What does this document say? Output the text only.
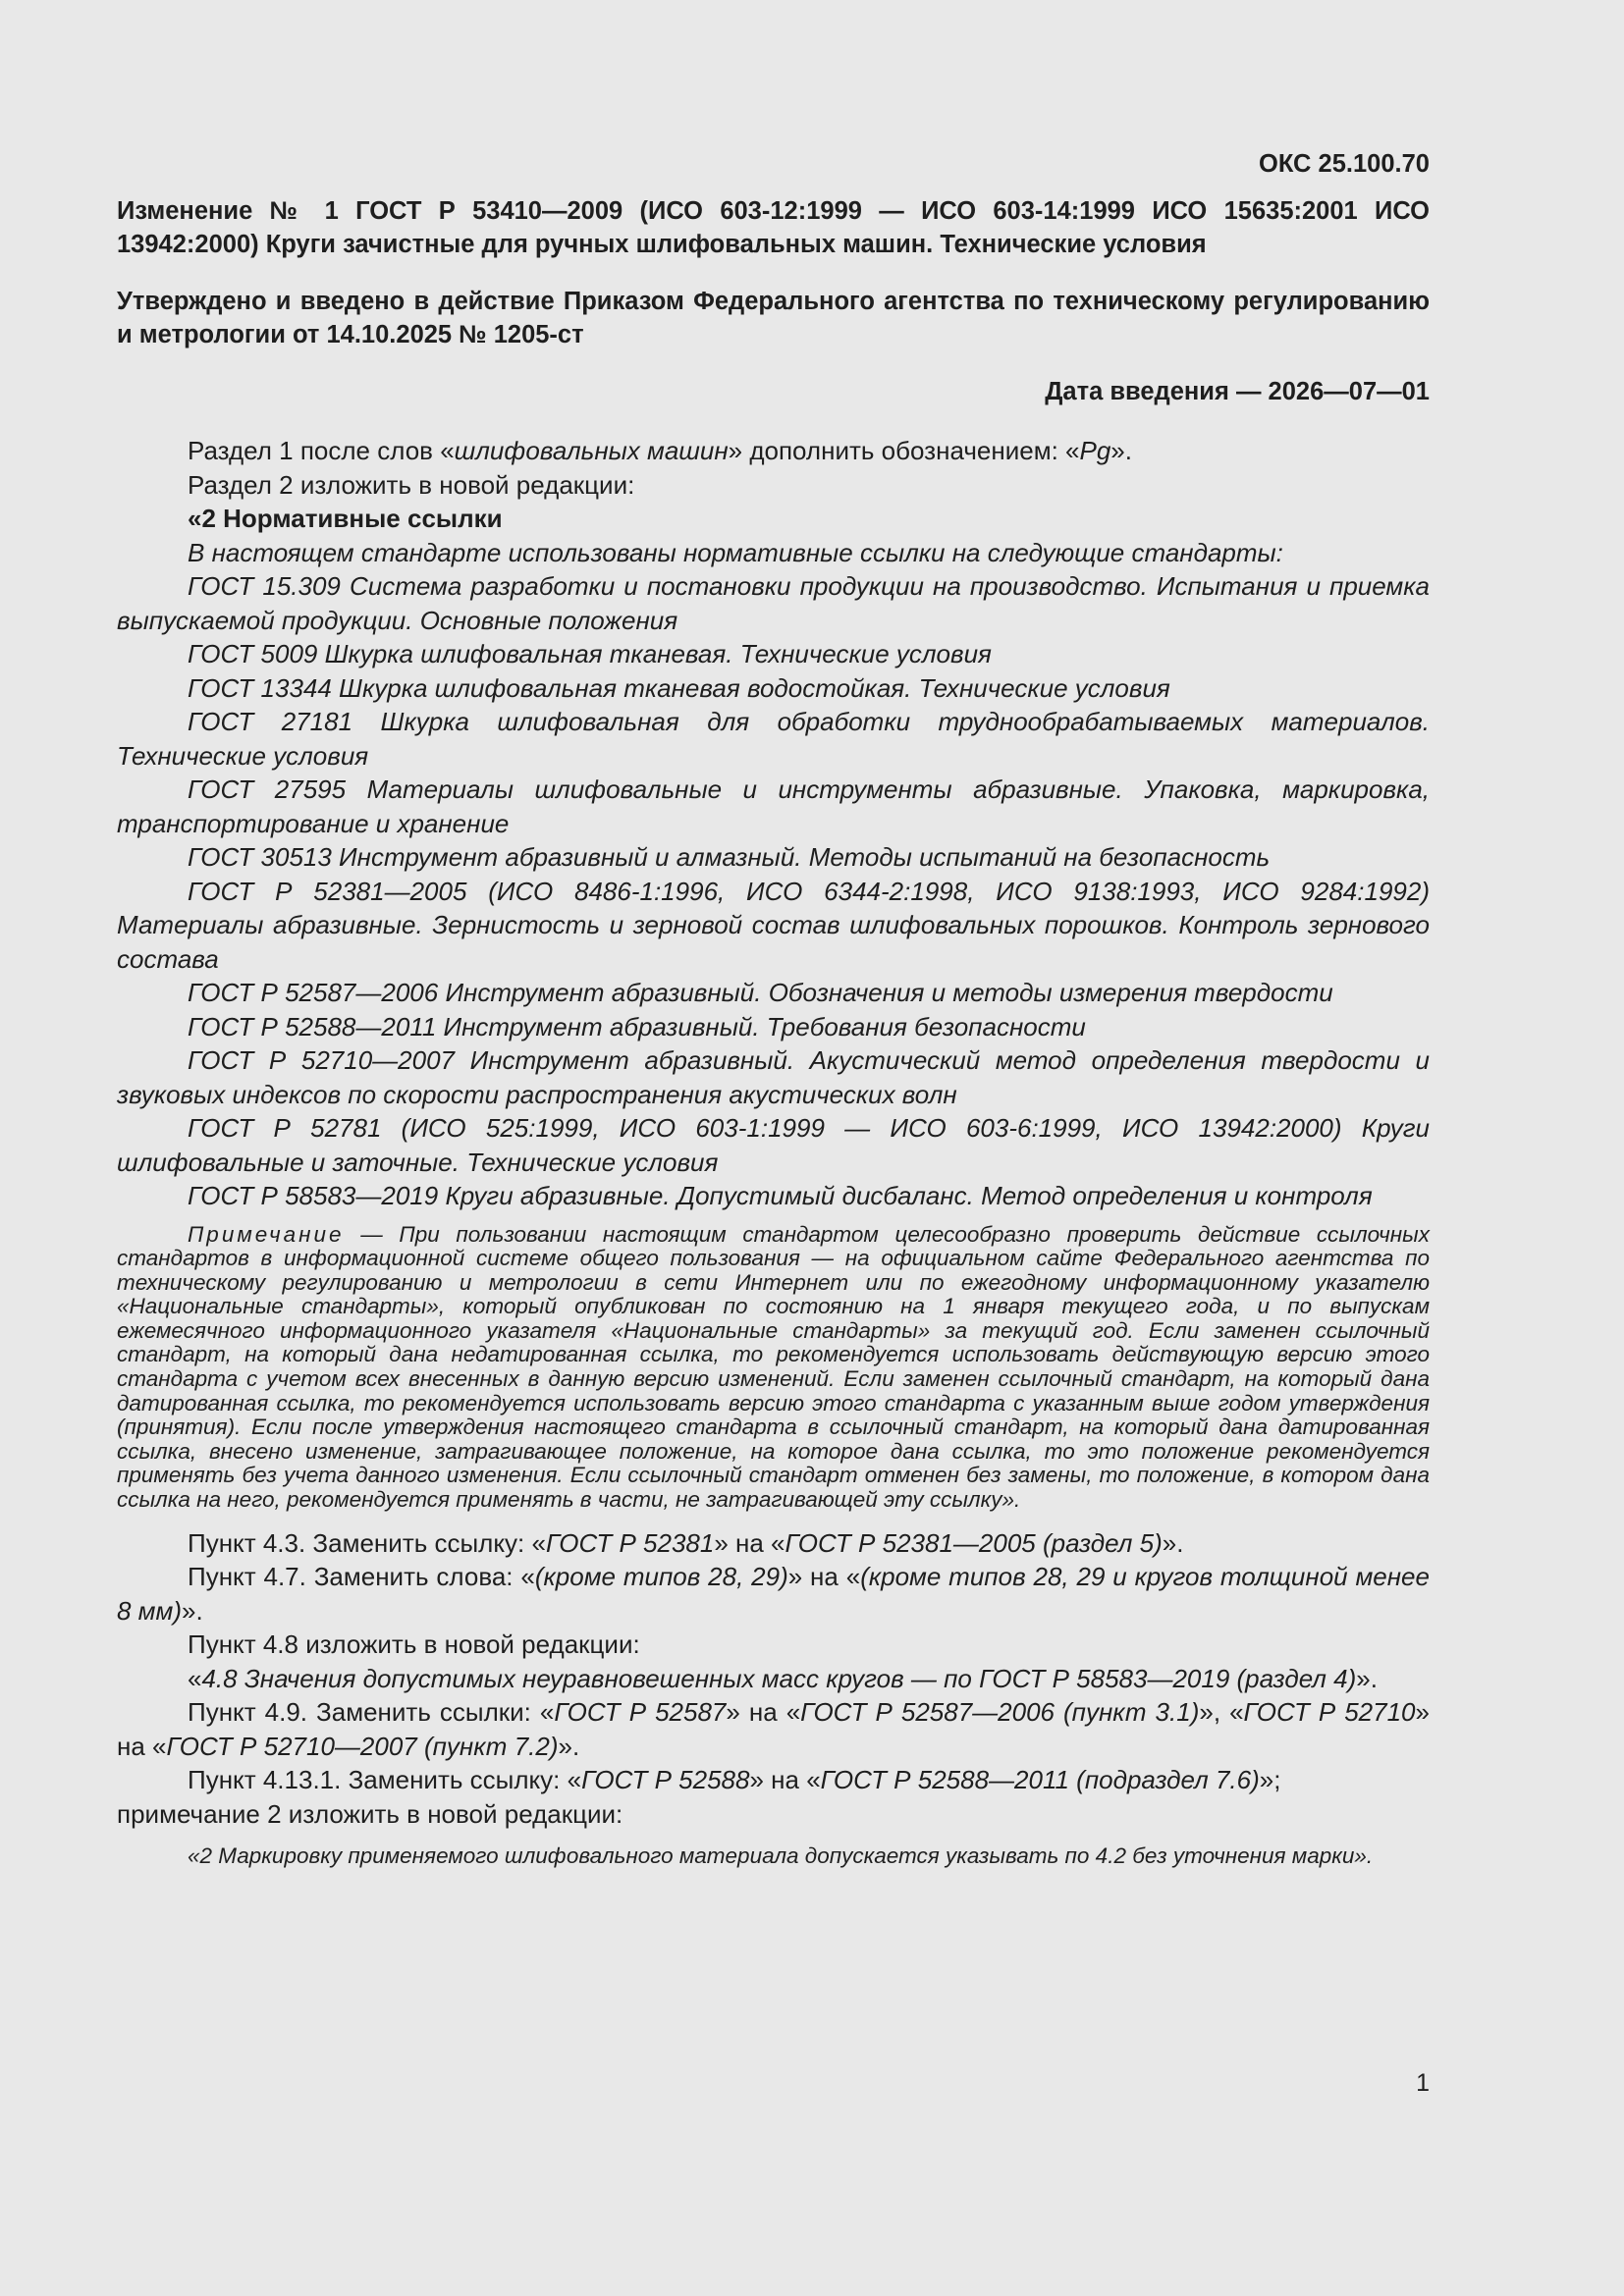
ОКС 25.100.70

Изменение № 1 ГОСТ Р 53410—2009 (ИСО 603-12:1999 — ИСО 603-14:1999 ИСО 15635:2001 ИСО 13942:2000) Круги зачистные для ручных шлифовальных машин. Технические условия

Утверждено и введено в действие Приказом Федерального агентства по техническому регулированию и метрологии от 14.10.2025 № 1205-ст

Дата введения — 2026—07—01

Раздел 1 после слов «шлифовальных машин» дополнить обозначением: «Pg».

Раздел 2 изложить в новой редакции:

«2 Нормативные ссылки

В настоящем стандарте использованы нормативные ссылки на следующие стандарты:

ГОСТ 15.309 Система разработки и постановки продукции на производство. Испытания и приемка выпускаемой продукции. Основные положения

ГОСТ 5009 Шкурка шлифовальная тканевая. Технические условия

ГОСТ 13344 Шкурка шлифовальная тканевая водостойкая. Технические условия

ГОСТ 27181 Шкурка шлифовальная для обработки труднообрабатываемых материалов. Технические условия

ГОСТ 27595 Материалы шлифовальные и инструменты абразивные. Упаковка, маркировка, транспортирование и хранение

ГОСТ 30513 Инструмент абразивный и алмазный. Методы испытаний на безопасность

ГОСТ Р 52381—2005 (ИСО 8486-1:1996, ИСО 6344-2:1998, ИСО 9138:1993, ИСО 9284:1992) Материалы абразивные. Зернистость и зерновой состав шлифовальных порошков. Контроль зернового состава

ГОСТ Р 52587—2006 Инструмент абразивный. Обозначения и методы измерения твердости

ГОСТ Р 52588—2011 Инструмент абразивный. Требования безопасности

ГОСТ Р 52710—2007 Инструмент абразивный. Акустический метод определения твердости и звуковых индексов по скорости распространения акустических волн

ГОСТ Р 52781 (ИСО 525:1999, ИСО 603-1:1999 — ИСО 603-6:1999, ИСО 13942:2000) Круги шлифовальные и заточные. Технические условия

ГОСТ Р 58583—2019 Круги абразивные. Допустимый дисбаланс. Метод определения и контроля

Примечание — При пользовании настоящим стандартом целесообразно проверить действие ссылочных стандартов в информационной системе общего пользования — на официальном сайте Федерального агентства по техническому регулированию и метрологии в сети Интернет или по ежегодному информационному указателю «Национальные стандарты», который опубликован по состоянию на 1 января текущего года, и по выпускам ежемесячного информационного указателя «Национальные стандарты» за текущий год. Если заменен ссылочный стандарт, на который дана недатированная ссылка, то рекомендуется использовать действующую версию этого стандарта с учетом всех внесенных в данную версию изменений. Если заменен ссылочный стандарт, на который дана датированная ссылка, то рекомендуется использовать версию этого стандарта с указанным выше годом утверждения (принятия). Если после утверждения настоящего стандарта в ссылочный стандарт, на который дана датированная ссылка, внесено изменение, затрагивающее положение, на которое дана ссылка, то это положение рекомендуется применять без учета данного изменения. Если ссылочный стандарт отменен без замены, то положение, в котором дана ссылка на него, рекомендуется применять в части, не затрагивающей эту ссылку».

Пункт 4.3. Заменить ссылку: «ГОСТ Р 52381» на «ГОСТ Р 52381—2005 (раздел 5)».

Пункт 4.7. Заменить слова: «(кроме типов 28, 29)» на «(кроме типов 28, 29 и кругов толщиной менее 8 мм)».

Пункт 4.8 изложить в новой редакции:

«4.8 Значения допустимых неуравновешенных масс кругов — по ГОСТ Р 58583—2019 (раздел 4)».

Пункт 4.9. Заменить ссылки: «ГОСТ Р 52587» на «ГОСТ Р 52587—2006 (пункт 3.1)», «ГОСТ Р 52710» на «ГОСТ Р 52710—2007 (пункт 7.2)».

Пункт 4.13.1. Заменить ссылку: «ГОСТ Р 52588» на «ГОСТ Р 52588—2011 (подраздел 7.6)»;

примечание 2 изложить в новой редакции:

«2 Маркировку применяемого шлифовального материала допускается указывать по 4.2 без уточнения марки».

1
